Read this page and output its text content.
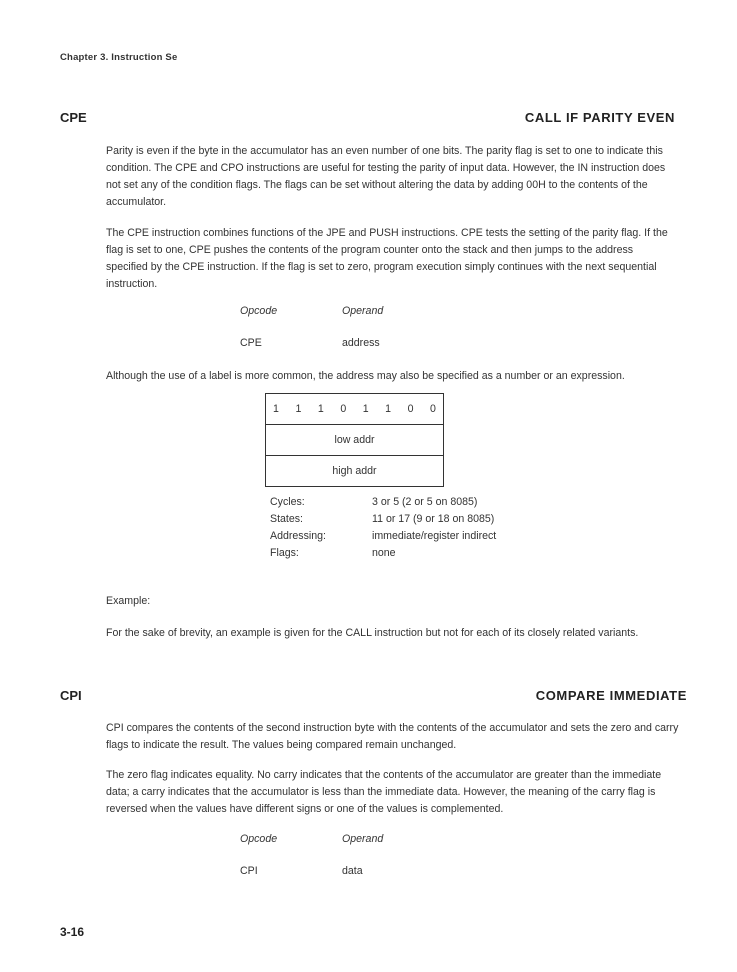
Chapter 3. Instruction Se
CPE	CALL IF PARITY EVEN
Parity is even if the byte in the accumulator has an even number of one bits. The parity flag is set to one to indicate this condition. The CPE and CPO instructions are useful for testing the parity of input data. However, the IN instruction does not set any of the condition flags. The flags can be set without altering the data by adding 00H to the contents of the accumulator.
The CPE instruction combines functions of the JPE and PUSH instructions. CPE tests the setting of the parity flag. If the flag is set to one, CPE pushes the contents of the program counter onto the stack and then jumps to the address specified by the CPE instruction. If the flag is set to zero, program execution simply continues with the next sequential instruction.
Opcode	Operand
CPE	address
Although the use of a label is more common, the address may also be specified as a number or an expression.
1 1 1 0 1 1 0 0
low addr
high addr
Cycles:	3 or 5 (2 or 5 on 8085)
States:	11 or 17 (9 or 18 on 8085)
Addressing:	immediate/register indirect
Flags:	none
Example:
For the sake of brevity, an example is given for the CALL instruction but not for each of its closely related variants.
CPI	COMPARE IMMEDIATE
CPI compares the contents of the second instruction byte with the contents of the accumulator and sets the zero and carry flags to indicate the result. The values being compared remain unchanged.
The zero flag indicates equality. No carry indicates that the contents of the accumulator are greater than the immediate data; a carry indicates that the accumulator is less than the immediate data. However, the meaning of the carry flag is reversed when the values have different signs or one of the values is complemented.
Opcode	Operand
CPI	data
3-16
